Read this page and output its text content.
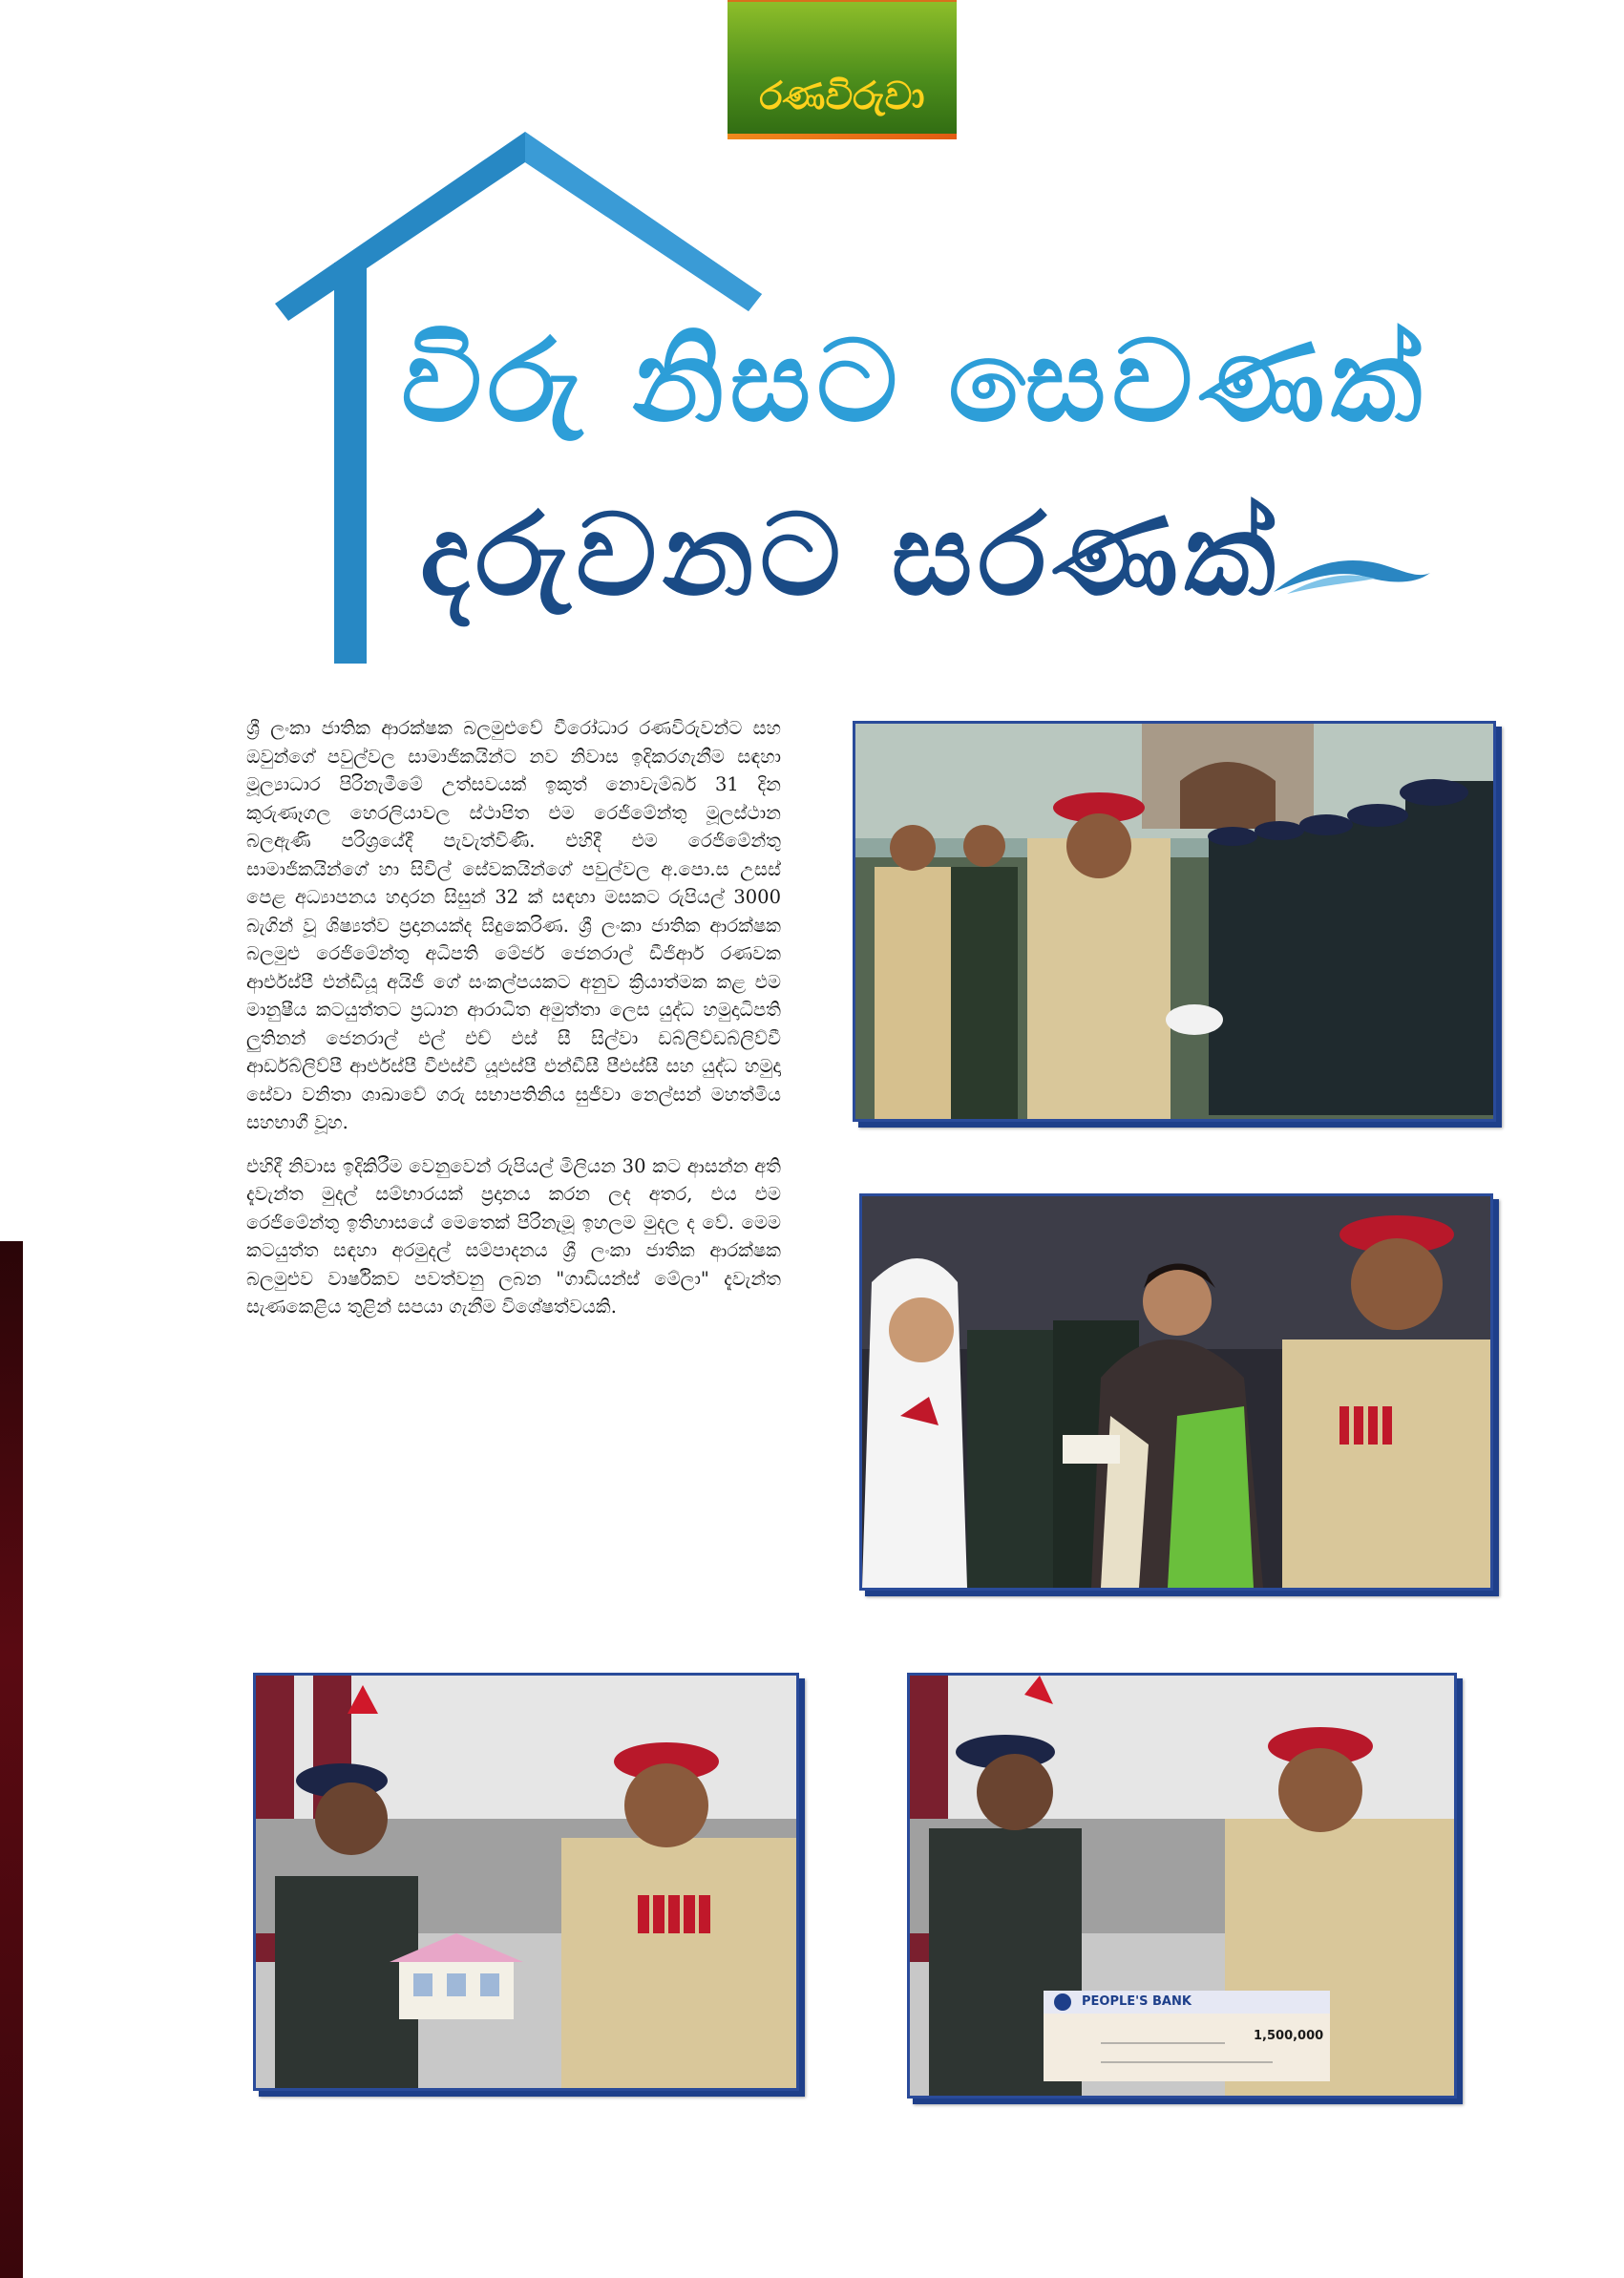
රණවිරුවා
විරු නිසට සෙවණක්
දරුවනට සරණක්

ශ්‍රී ලංකා ජාතික ආරක්ෂක බලමුළුවේ වීරෝධාර රණවිරුවන්ට සහ ඔවුන්ගේ පවුල්වල සාමාජිකයින්ට නව නිවාස ඉදිකරගැනීම සඳහා මූල්‍යාධාර පිරිනැමීමේ උත්සවයක් ඉකුත් නොවැම්බර් 31 දින කුරුණෑගල හෙරලියාවල ස්ථාපිත එම රෙජිමේන්තු මූලස්ථාන බලඇණි පරිශ්‍රයේදී පැවැත්විණි. එහිදී එම රෙජිමේන්තු සාමාජිකයින්ගේ හා සිවිල් සේවකයින්ගේ පවුල්වල අ.පො.ස උසස් පෙළ අධ්‍යාපනය හදාරන සිසුන් 32 ක් සඳහා මසකට රුපියල් 3000 බැගින් වූ ශිෂ්‍යත්ව ප්‍රදානයක්ද සිදුකෙරිණ. ශ්‍රී ලංකා ජාතික ආරක්ෂක බලමුළු රෙජිමේන්තු අධිපති මේජර් ජෙනරාල් ඩීජිආර් රණවක ආර්එස්පී එන්ඩීයූ අයිජී ගේ සංකල්පයකට අනුව ක්‍රියාත්මක කළ එම මානුෂීය කටයුත්තට ප්‍රධාන ආරාධිත අමුත්තා ලෙස යුද්ධ හමුදාධිපති ලුතිනන් ජෙනරාල් එල් එච් එස් සී සිල්වා ඩබ්ලිව්ඩබ්ලිව්වී ආර්ඩබ්ලිව්පී ආර්එස්පී වීඑස්වී යූඑස්පී එන්ඩීසී පීඑස්සී සහ යුද්ධ හමුදා සේවා වනිතා ශාඛාවේ ගරු සභාපතිනිය සුජීවා නෙල්සන් මහත්මිය සහභාගී වූහ.

එහිදී නිවාස ඉදිකිරීම වෙනුවෙන් රුපියල් මිලියන 30 කට ආසන්න අති දැවැන්ත මුදල් සම්භාරයක් ප්‍රදානය කරන ලද අතර, එය එම රෙජිමේන්තු ඉතිහාසයේ මෙතෙක් පිරිනැමූ ඉහලම මුදල ද වේ. මෙම කටයුත්ත සඳහා අරමුදල් සම්පාදනය ශ්‍රී ලංකා ජාතික ආරක්ෂක බලමුළුව වාර්ෂිකව පවත්වනු ලබන "ගාඩියන්ස් මේලා" දැවැන්ත සැණකෙළිය තුළින් සපයා ගැනීම විශේෂත්වයකි.

PEOPLE'S BANK
1,500,000
